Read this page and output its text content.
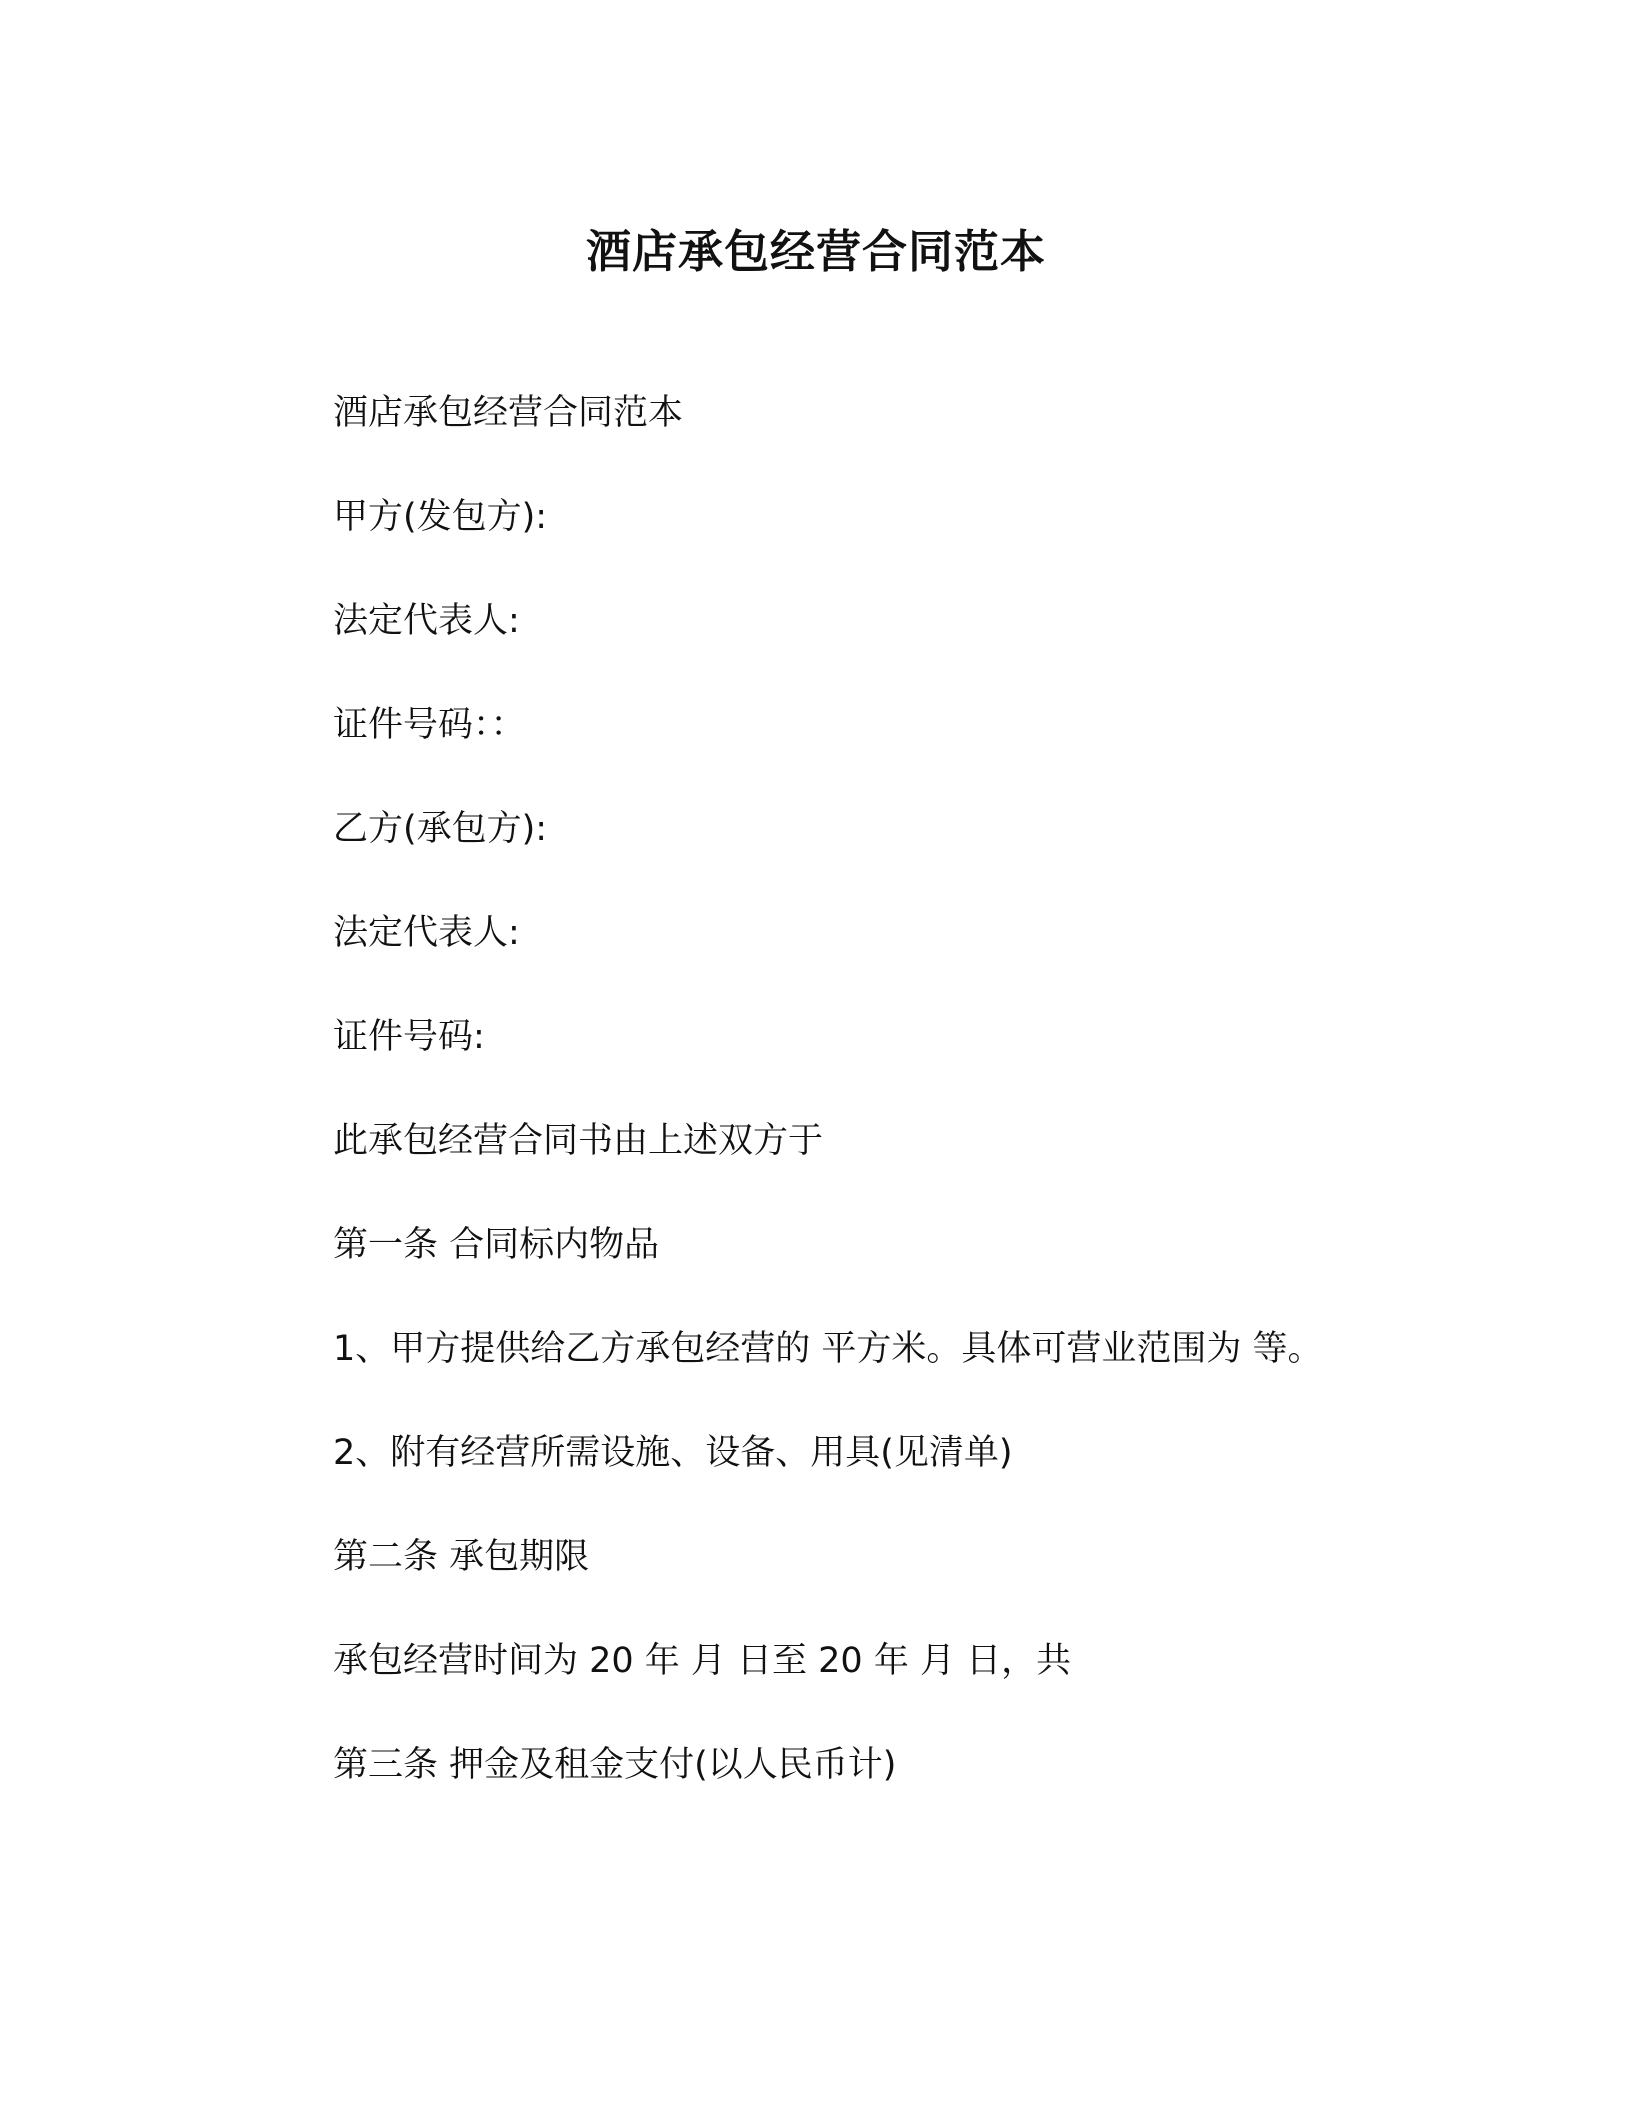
酒店承包经营合同范本

酒店承包经营合同范本

甲方(发包方):

法定代表人:

证件号码：：

乙方(承包方):

法定代表人:

证件号码:

此承包经营合同书由上述双方于

第一条 合同标内物品

1、甲方提供给乙方承包经营的 平方米。具体可营业范围为 等。

2、附有经营所需设施、设备、用具(见清单)

第二条 承包期限

承包经营时间为 20 年 月 日至 20 年 月 日，共

第三条 押金及租金支付(以人民币计)
